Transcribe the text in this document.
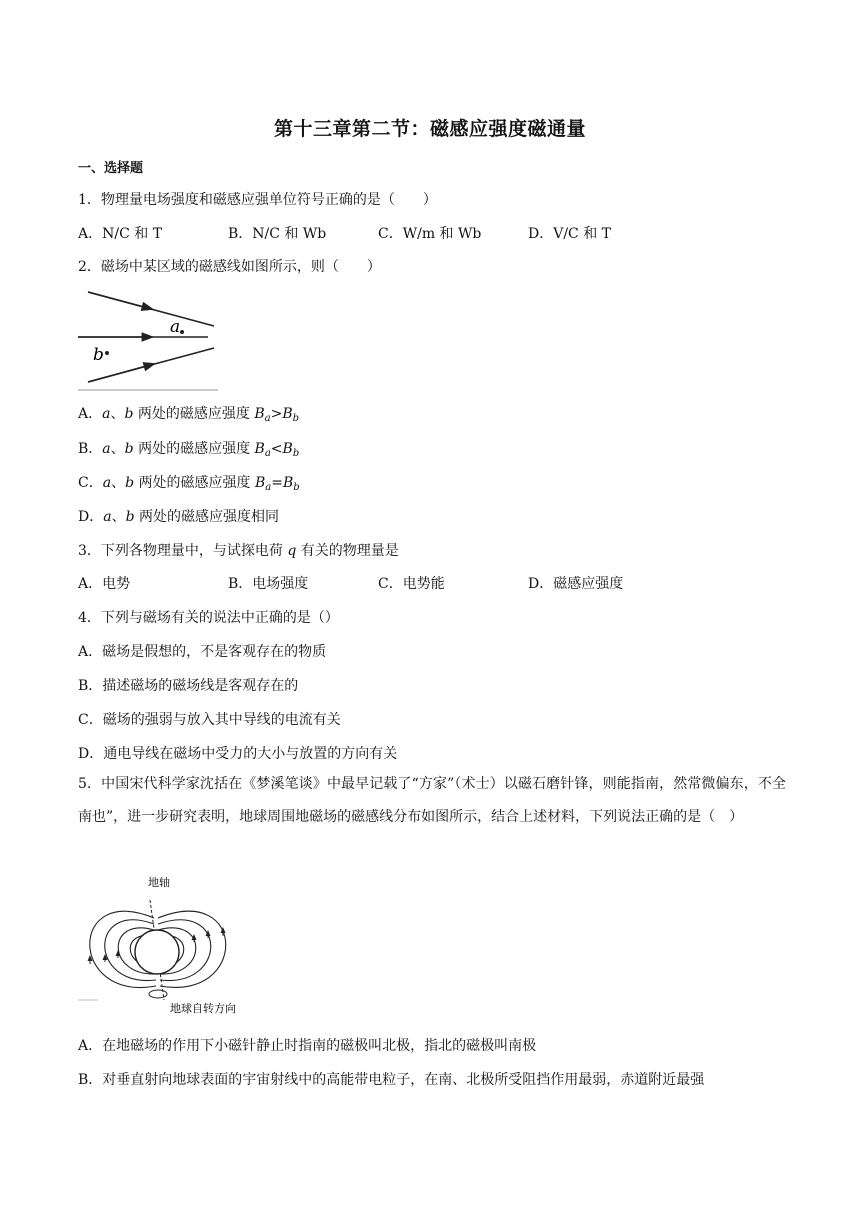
第十三章第二节：磁感应强度磁通量
一、选择题
1．物理量电场强度和磁感应强单位符号正确的是（　　）
A．N/C 和 T	B．N/C 和 Wb	C．W/m 和 Wb	D．V/C 和 T
2．磁场中某区域的磁感线如图所示，则（　　）
a
b
A．a、b 两处的磁感应强度 $B_a>B_b$
B．a、b 两处的磁感应强度 $B_a<B_b$
C．a、b 两处的磁感应强度 $B_a=B_b$
D．a、b 两处的磁感应强度相同
3．下列各物理量中，与试探电荷 q 有关的物理量是
A．电势	B．电场强度	C．电势能	D．磁感应强度
4．下列与磁场有关的说法中正确的是（）
A．磁场是假想的，不是客观存在的物质
B．描述磁场的磁场线是客观存在的
C．磁场的强弱与放入其中导线的电流有关
D．通电导线在磁场中受力的大小与放置的方向有关
5．中国宋代科学家沈括在《梦溪笔谈》中最早记载了“方家”（术士）以磁石磨针锋，则能指南，然常微偏东，不全南也”，进一步研究表明，地球周围地磁场的磁感线分布如图所示，结合上述材料，下列说法正确的是（　）
地轴
地球自转方向
A．在地磁场的作用下小磁针静止时指南的磁极叫北极，指北的磁极叫南极
B．对垂直射向地球表面的宇宙射线中的高能带电粒子，在南、北极所受阻挡作用最弱，赤道附近最强
